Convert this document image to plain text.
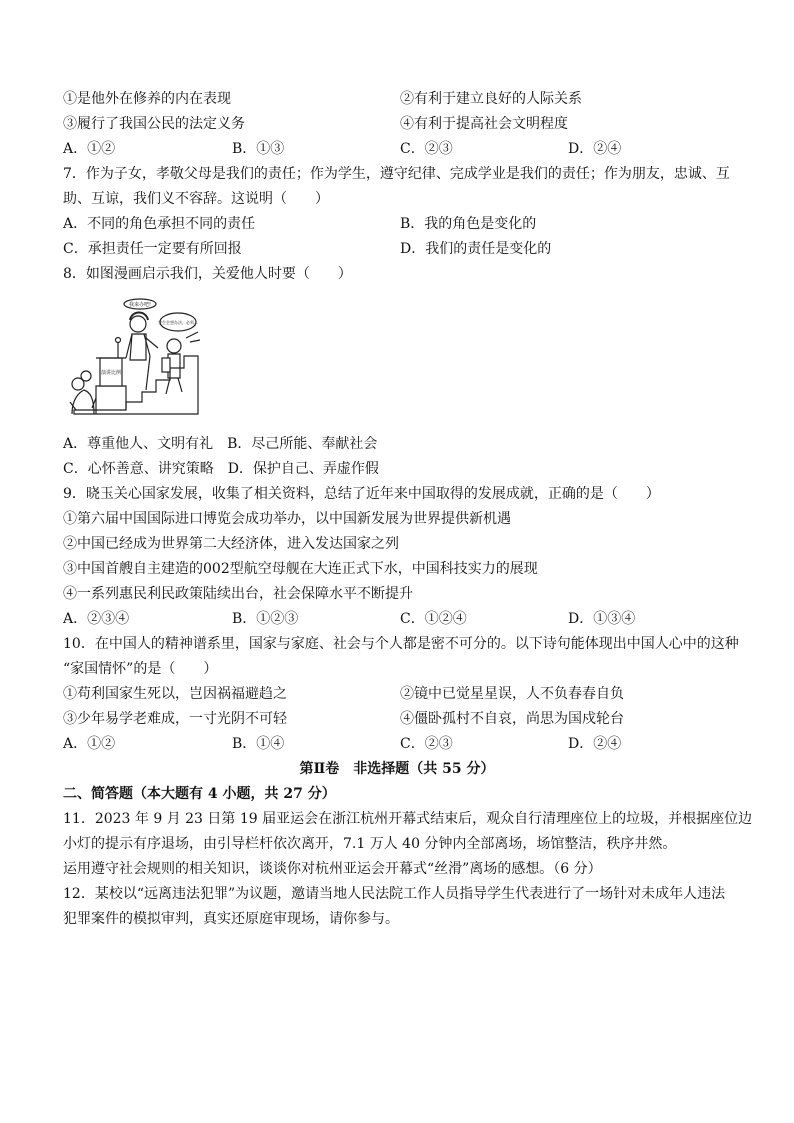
①是他外在修养的内在表现	②有利于建立良好的人际关系
③履行了我国公民的法定义务	④有利于提高社会文明程度
A．①②	B．①③	C．②③	D．②④
7．作为子女，孝敬父母是我们的责任；作为学生，遵守纪律、完成学业是我们的责任；作为朋友，忠诚、互
助、互谅，我们义不容辞。这说明（　　）
A．不同的角色承担不同的责任	B．我的角色是变化的
C．承担责任一定要有所回报	D．我们的责任是变化的
8．如图漫画启示我们，关爱他人时要（　　）
我来办吧!
学生会想办法，必须…
演讲比例
A．尊重他人、文明有礼　B．尽己所能、奉献社会
C．心怀善意、讲究策略　D．保护自己、弄虚作假
9．晓玉关心国家发展，收集了相关资料，总结了近年来中国取得的发展成就，正确的是（　　）
①第六届中国国际进口博览会成功举办，以中国新发展为世界提供新机遇
②中国已经成为世界第二大经济体，进入发达国家之列
③中国首艘自主建造的002型航空母舰在大连正式下水，中国科技实力的展现
④一系列惠民利民政策陆续出台，社会保障水平不断提升
A．②③④	B．①②③	C．①②④	D．①③④
10．在中国人的精神谱系里，国家与家庭、社会与个人都是密不可分的。以下诗句能体现出中国人心中的这种
“家国情怀”的是（　　）
①苟利国家生死以，岂因祸福避趋之	②镜中已觉星星误，人不负春春自负
③少年易学老难成，一寸光阴不可轻	④僵卧孤村不自哀，尚思为国戍轮台
A．①②	B．①④	C．②③	D．②④
第Ⅱ卷　非选择题（共 55 分）
二、简答题（本大题有 4 小题，共 27 分）
11．2023 年 9 月 23 日第 19 届亚运会在浙江杭州开幕式结束后，观众自行清理座位上的垃圾，并根据座位边
小灯的提示有序退场，由引导栏杆依次离开，7.1 万人 40 分钟内全部离场，场馆整洁，秩序井然。
运用遵守社会规则的相关知识，谈谈你对杭州亚运会开幕式“丝滑”离场的感想。（6 分）
12．某校以“远离违法犯罪”为议题，邀请当地人民法院工作人员指导学生代表进行了一场针对未成年人违法
犯罪案件的模拟审判，真实还原庭审现场，请你参与。
